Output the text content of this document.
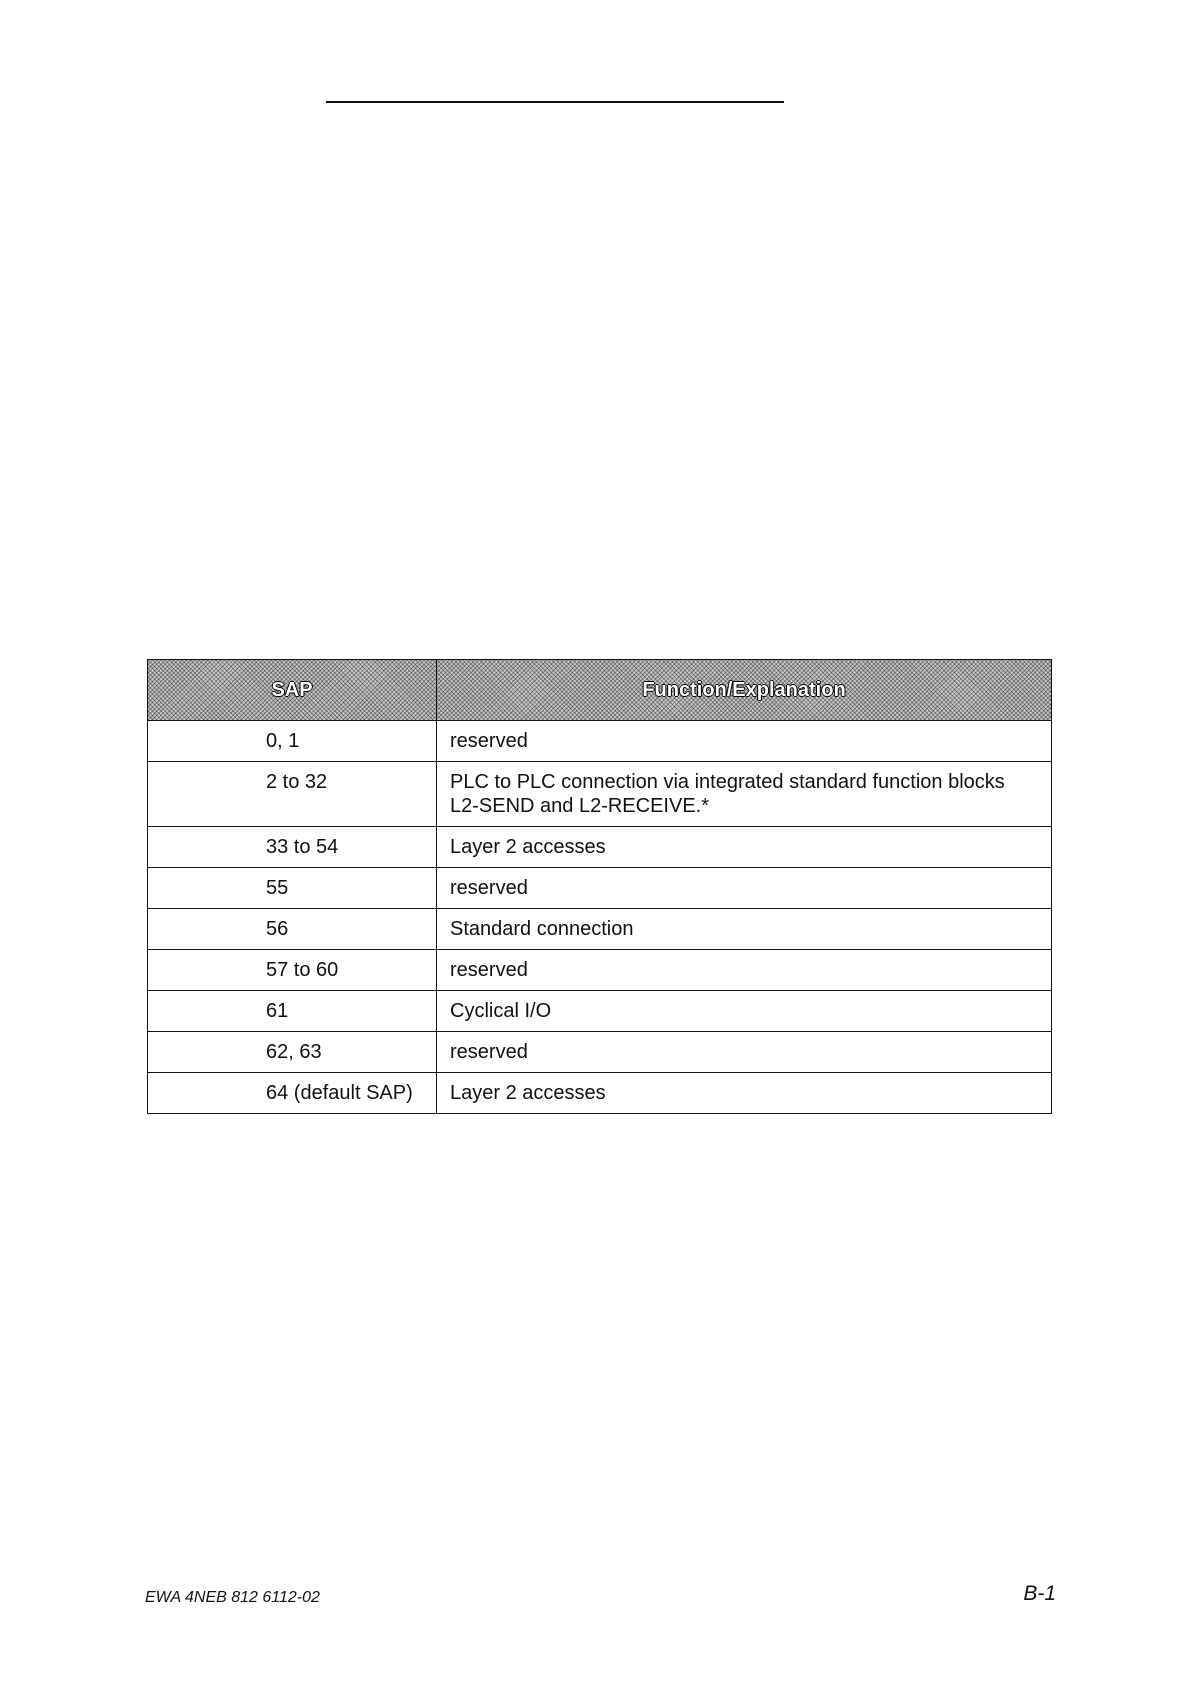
SAP	Function/Explanation
0, 1	reserved
2 to 32	PLC to PLC connection via integrated standard function blocks
L2-SEND and L2-RECEIVE.*

33 to 54	Layer 2 accesses
55	reserved
56	Standard connection
57 to 60	reserved
61	Cyclical I/O
62, 63	reserved
64 (default SAP)	Layer 2 accesses
EWA 4NEB 812 6112-02	B-1
